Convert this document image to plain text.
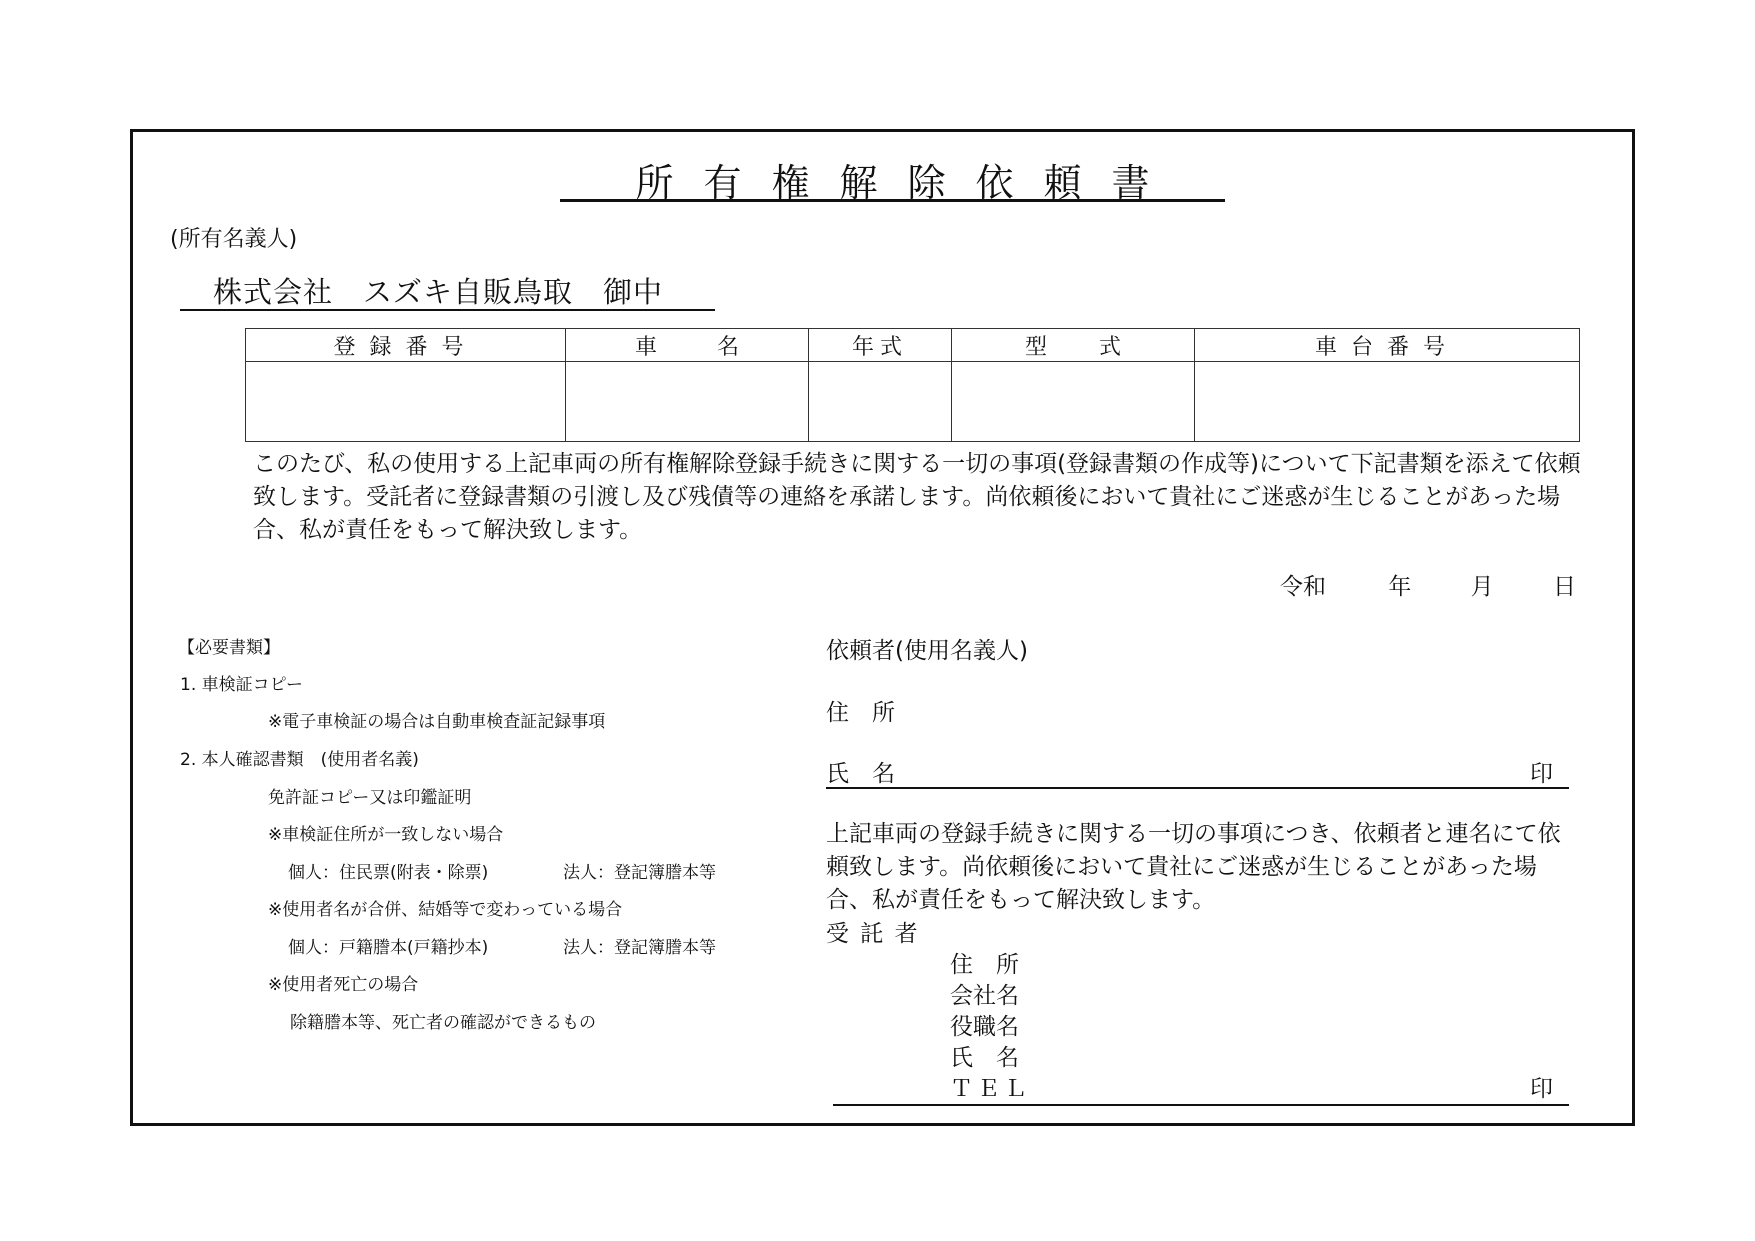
所有権解除依頼書
(所有名義人)
株式会社　スズキ自販鳥取　御中
登録番号	車名	年式	型式	車台番号

このたび、私の使用する上記車両の所有権解除登録手続きに関する一切の事項(登録書類の作成等)について下記書類を添えて依頼致します。受託者に登録書類の引渡し及び残債等の連絡を承諾します。尚依頼後において貴社にご迷惑が生じることがあった場合、私が責任をもって解決致します。
令和	年	月	日
【必要書類】
1. 車検証コピー
※電子車検証の場合は自動車検査証記録事項
2. 本人確認書類　(使用者名義)
免許証コピー又は印鑑証明
※車検証住所が一致しない場合
個人：住民票(附表・除票)	法人：登記簿謄本等
※使用者名が合併、結婚等で変わっている場合
個人：戸籍謄本(戸籍抄本)	法人：登記簿謄本等
※使用者死亡の場合
除籍謄本等、死亡者の確認ができるもの
依頼者(使用名義人)
住　所
氏　名	印
上記車両の登録手続きに関する一切の事項につき、依頼者と連名にて依頼致します。尚依頼後において貴社にご迷惑が生じることがあった場合、私が責任をもって解決致します。
受 託 者
住　所
会社名
役職名
氏　名
ＴＥＬ	印
